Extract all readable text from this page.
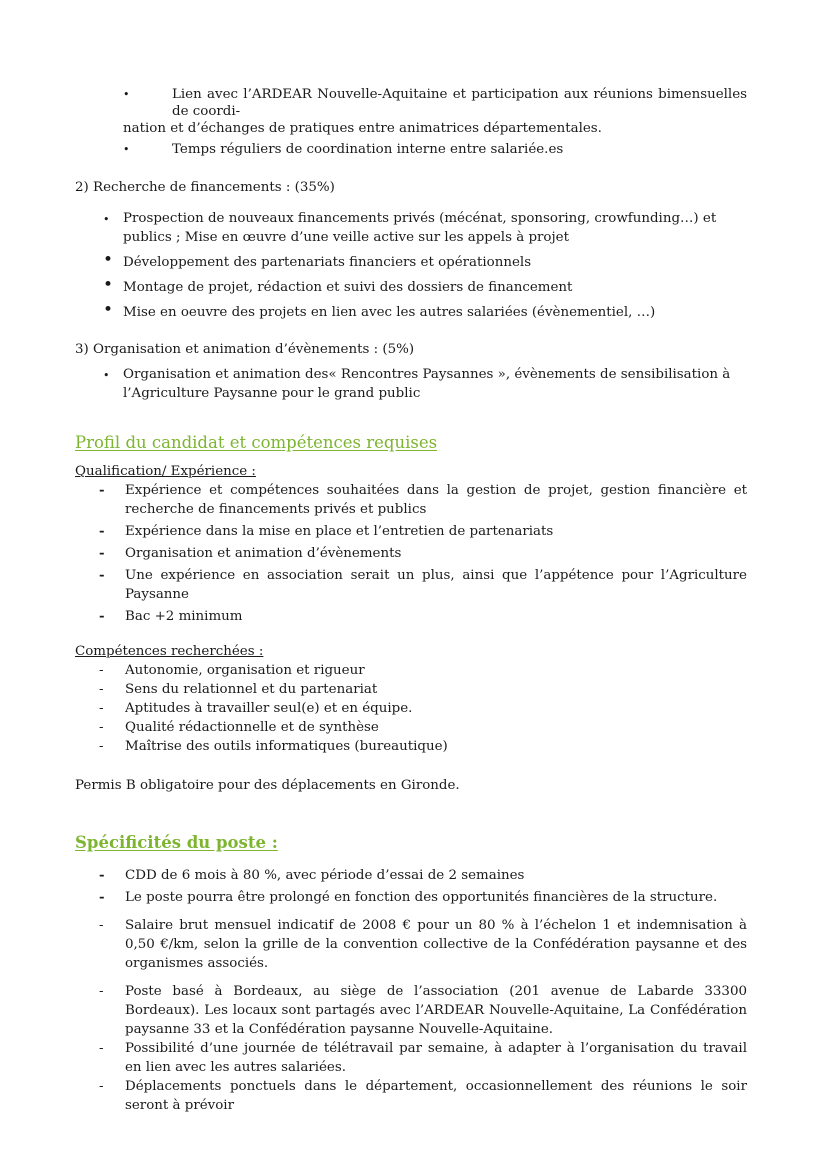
•	Lien avec l’ARDEAR Nouvelle-Aquitaine et participation aux réunions bimensuelles de coordi-

nation et d’échanges de pratiques entre animatrices départementales.

•	Temps réguliers de coordination interne entre salariée.es

2) Recherche de financements : (35%)

• Prospection de nouveaux financements privés (mécénat, sponsoring, crowfunding…) et publics ; Mise en œuvre d’une veille active sur les appels à projet
• Développement des partenariats financiers et opérationnels
• Montage de projet, rédaction et suivi des dossiers de financement
• Mise en oeuvre des projets en lien avec les autres salariées (évènementiel, …)

3) Organisation et animation d’évènements : (5%)

• Organisation et animation des« Rencontres Paysannes », évènements de sensibilisation à l’Agriculture Paysanne pour le grand public

Profil du candidat et compétences requises

Qualification/ Expérience :

- Expérience et compétences souhaitées dans la gestion de projet, gestion financière et recherche de financements privés et publics
- Expérience dans la mise en place et l’entretien de partenariats
- Organisation et animation d’évènements
- Une expérience en association serait un plus, ainsi que l’appétence pour l’Agriculture Paysanne
- Bac +2 minimum

Compétences recherchées :

- Autonomie, organisation et rigueur
- Sens du relationnel et du partenariat
- Aptitudes à travailler seul(e) et en équipe.
- Qualité rédactionnelle et de synthèse
- Maîtrise des outils informatiques (bureautique)

Permis B obligatoire pour des déplacements en Gironde.

Spécificités du poste :

- CDD de 6 mois à 80 %, avec période d’essai de 2 semaines
- Le poste pourra être prolongé en fonction des opportunités financières de la structure.
- Salaire brut mensuel indicatif de 2008 € pour un 80 % à l’échelon 1 et indemnisation à 0,50 €/km, selon la grille de la convention collective de la Confédération paysanne et des organismes associés.
- Poste basé à Bordeaux, au siège de l’association (201 avenue de Labarde 33300 Bordeaux). Les locaux sont partagés avec l’ARDEAR Nouvelle-Aquitaine, La Confédération paysanne 33 et la Confédération paysanne Nouvelle-Aquitaine.
- Possibilité d’une journée de télétravail par semaine, à adapter à l’organisation du travail en lien avec les autres salariées.
- Déplacements ponctuels dans le département, occasionnellement des réunions le soir seront à prévoir
